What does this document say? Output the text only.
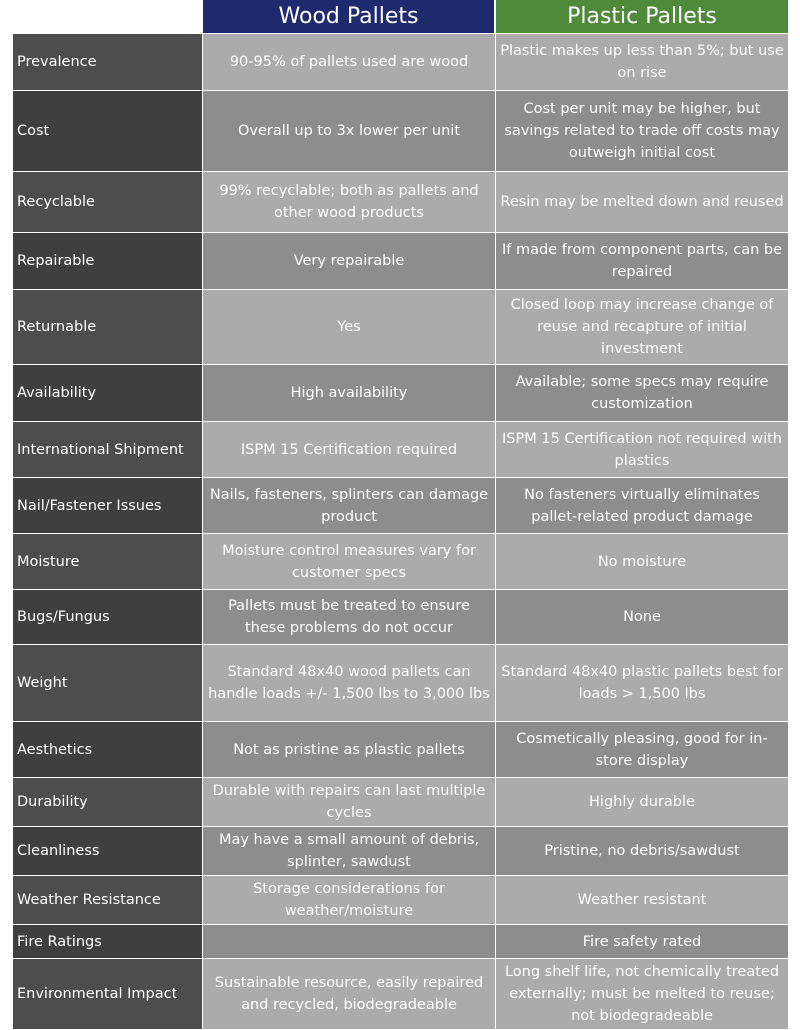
Wood Pallets	Plastic Pallets
Prevalence	90-95% of pallets used are wood	Plastic makes up less than 5%; but use on rise
Cost	Overall up to 3x lower per unit	Cost per unit may be higher, but savings related to trade off costs may outweigh initial cost
Recyclable	99% recyclable; both as pallets and other wood products	Resin may be melted down and reused
Repairable	Very repairable	If made from component parts, can be repaired
Returnable	Yes	Closed loop may increase change of reuse and recapture of initial investment
Availability	High availability	Available; some specs may require customization
International Shipment	ISPM 15 Certification required	ISPM 15 Certification not required with plastics
Nail/Fastener Issues	Nails, fasteners, splinters can damage product	No fasteners virtually eliminates pallet-related product damage
Moisture	Moisture control measures vary for customer specs	No moisture
Bugs/Fungus	Pallets must be treated to ensure these problems do not occur	None
Weight	Standard 48x40 wood pallets can handle loads +/- 1,500 lbs to 3,000 lbs	Standard 48x40 plastic pallets best for loads > 1,500 lbs
Aesthetics	Not as pristine as plastic pallets	Cosmetically pleasing, good for in-store display
Durability	Durable with repairs can last multiple cycles	Highly durable
Cleanliness	May have a small amount of debris, splinter, sawdust	Pristine, no debris/sawdust
Weather Resistance	Storage considerations for weather/moisture	Weather resistant
Fire Ratings		Fire safety rated
Environmental Impact	Sustainable resource, easily repaired and recycled, biodegradeable	Long shelf life, not chemically treated externally; must be melted to reuse; not biodegradeable
